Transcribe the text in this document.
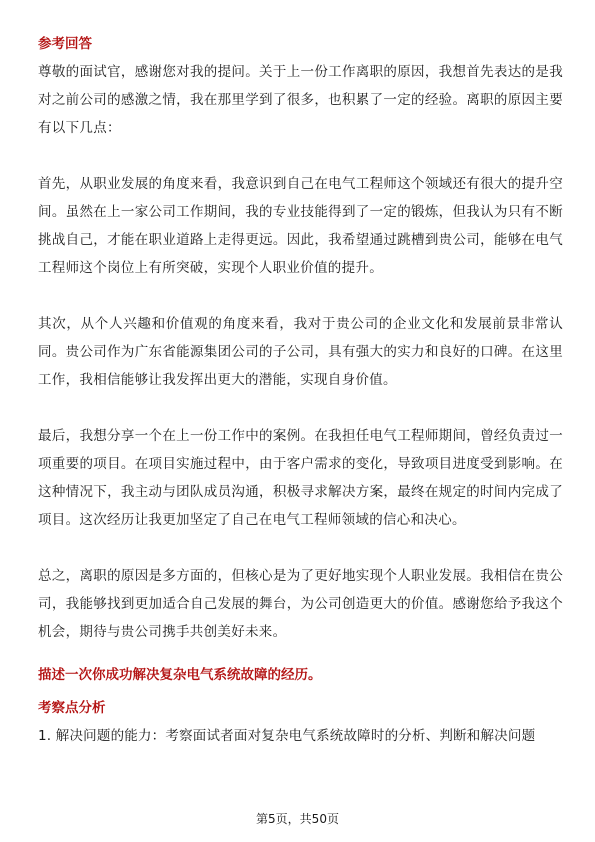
参考回答

尊敬的面试官，感谢您对我的提问。关于上一份工作离职的原因，我想首先表达的是我对之前公司的感激之情，我在那里学到了很多，也积累了一定的经验。离职的原因主要有以下几点：

首先，从职业发展的角度来看，我意识到自己在电气工程师这个领域还有很大的提升空间。虽然在上一家公司工作期间，我的专业技能得到了一定的锻炼，但我认为只有不断挑战自己，才能在职业道路上走得更远。因此，我希望通过跳槽到贵公司，能够在电气工程师这个岗位上有所突破，实现个人职业价值的提升。

其次，从个人兴趣和价值观的角度来看，我对于贵公司的企业文化和发展前景非常认同。贵公司作为广东省能源集团公司的子公司，具有强大的实力和良好的口碑。在这里工作，我相信能够让我发挥出更大的潜能，实现自身价值。

最后，我想分享一个在上一份工作中的案例。在我担任电气工程师期间，曾经负责过一项重要的项目。在项目实施过程中，由于客户需求的变化，导致项目进度受到影响。在这种情况下，我主动与团队成员沟通，积极寻求解决方案，最终在规定的时间内完成了项目。这次经历让我更加坚定了自己在电气工程师领域的信心和决心。

总之，离职的原因是多方面的，但核心是为了更好地实现个人职业发展。我相信在贵公司，我能够找到更加适合自己发展的舞台，为公司创造更大的价值。感谢您给予我这个机会，期待与贵公司携手共创美好未来。

描述一次你成功解决复杂电气系统故障的经历。
考察点分析

1. 解决问题的能力：考察面试者面对复杂电气系统故障时的分析、判断和解决问题

第5页，共50页
